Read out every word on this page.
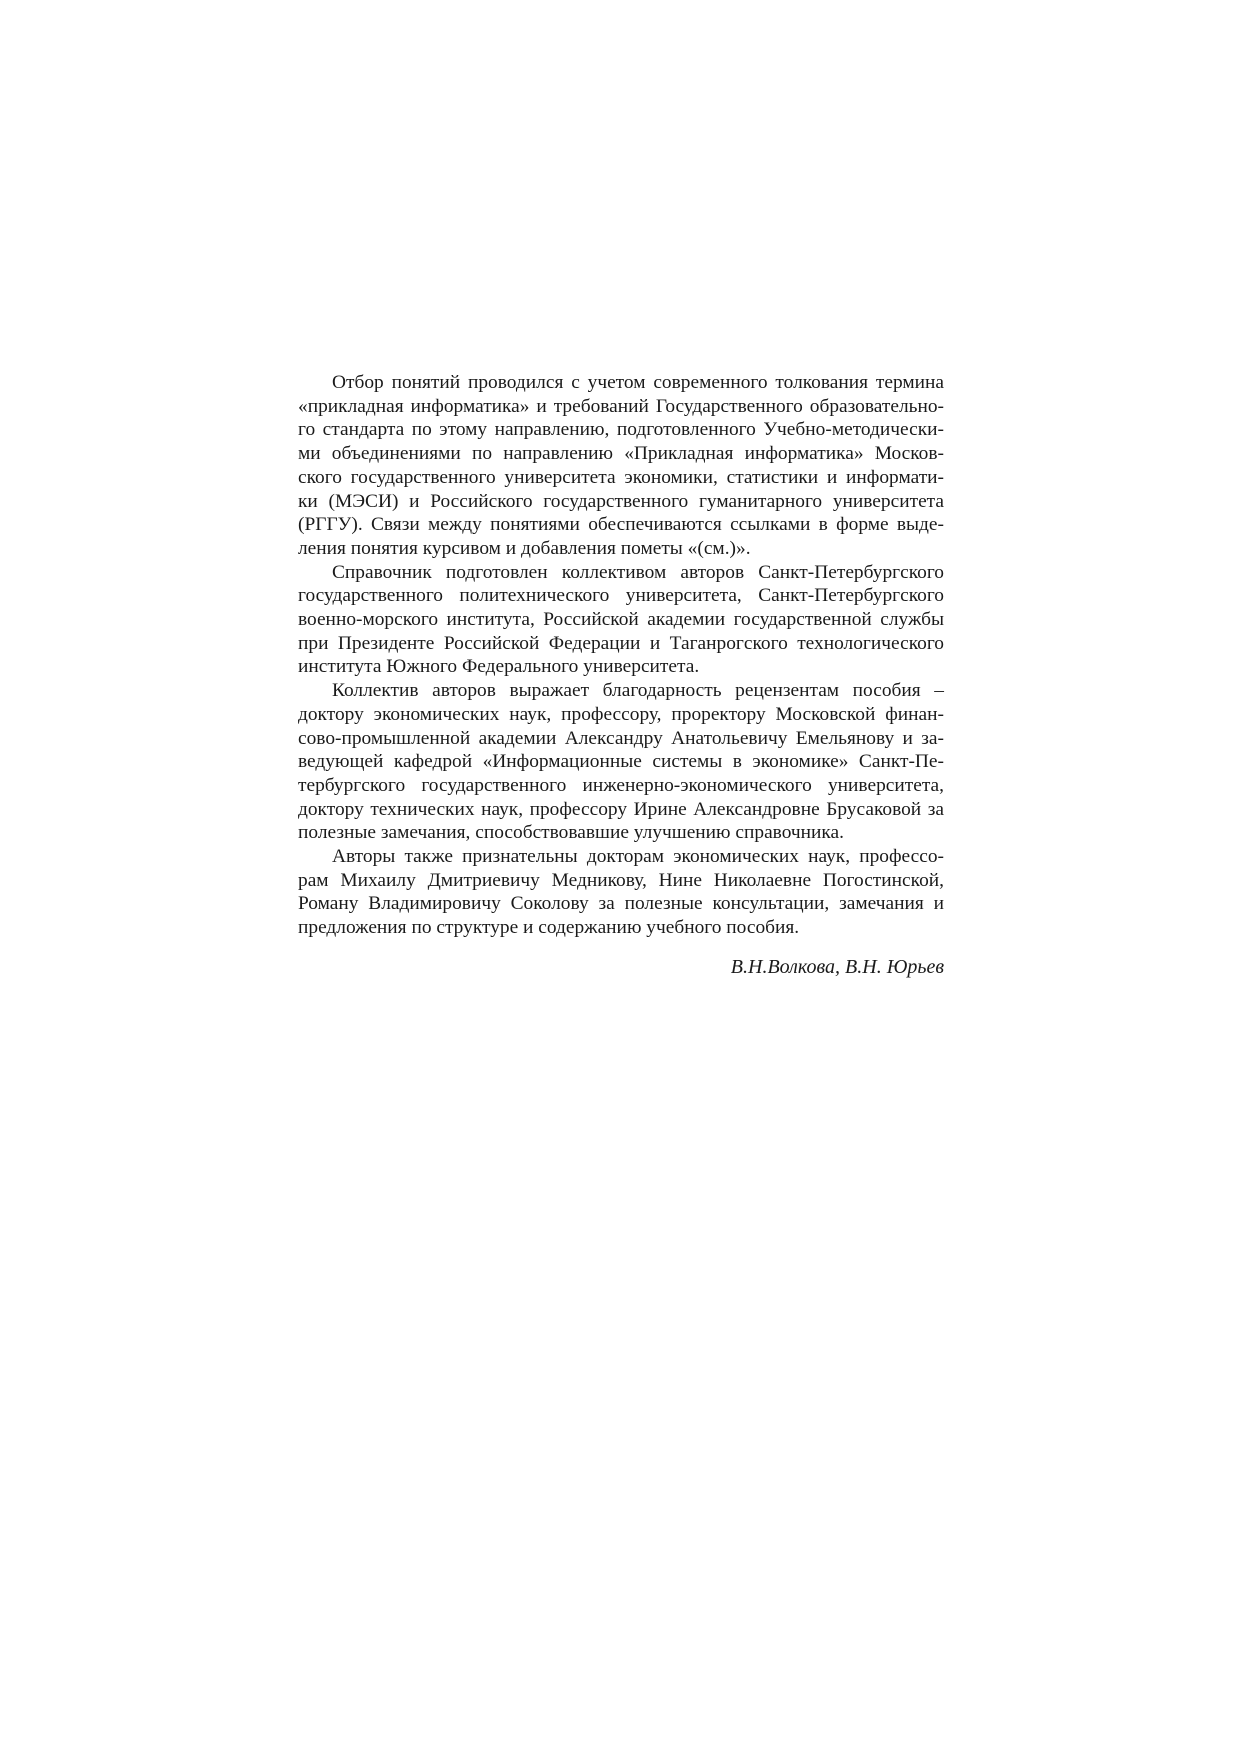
Отбор понятий проводился с учетом современного толкования термина
«прикладная информатика» и требований Государственного образовательно-
го стандарта по этому направлению, подготовленного Учебно-методически-
ми объединениями по направлению «Прикладная информатика» Москов-
ского государственного университета экономики, статистики и информати-
ки (МЭСИ) и Российского государственного гуманитарного университета
(РГГУ). Связи между понятиями обеспечиваются ссылками в форме выде-
ления понятия курсивом и добавления пометы «(см.)».

Справочник подготовлен коллективом авторов Санкт-Петербургского
государственного политехнического университета, Санкт-Петербургского
военно-морского института, Российской академии государственной службы
при Президенте Российской Федерации и Таганрогского технологического
института Южного Федерального университета.

Коллектив авторов выражает благодарность рецензентам пособия –
доктору экономических наук, профессору, проректору Московской финан-
сово-промышленной академии Александру Анатольевичу Емельянову и за-
ведующей кафедрой «Информационные системы в экономике» Санкт-Пе-
тербургского государственного инженерно-экономического университета,
доктору технических наук, профессору Ирине Александровне Брусаковой за
полезные замечания, способствовавшие улучшению справочника.

Авторы также признательны докторам экономических наук, профессо-
рам Михаилу Дмитриевичу Медникову, Нине Николаевне Погостинской,
Роману Владимировичу Соколову за полезные консультации, замечания и
предложения по структуре и содержанию учебного пособия.

В.Н.Волкова, В.Н. Юрьев
